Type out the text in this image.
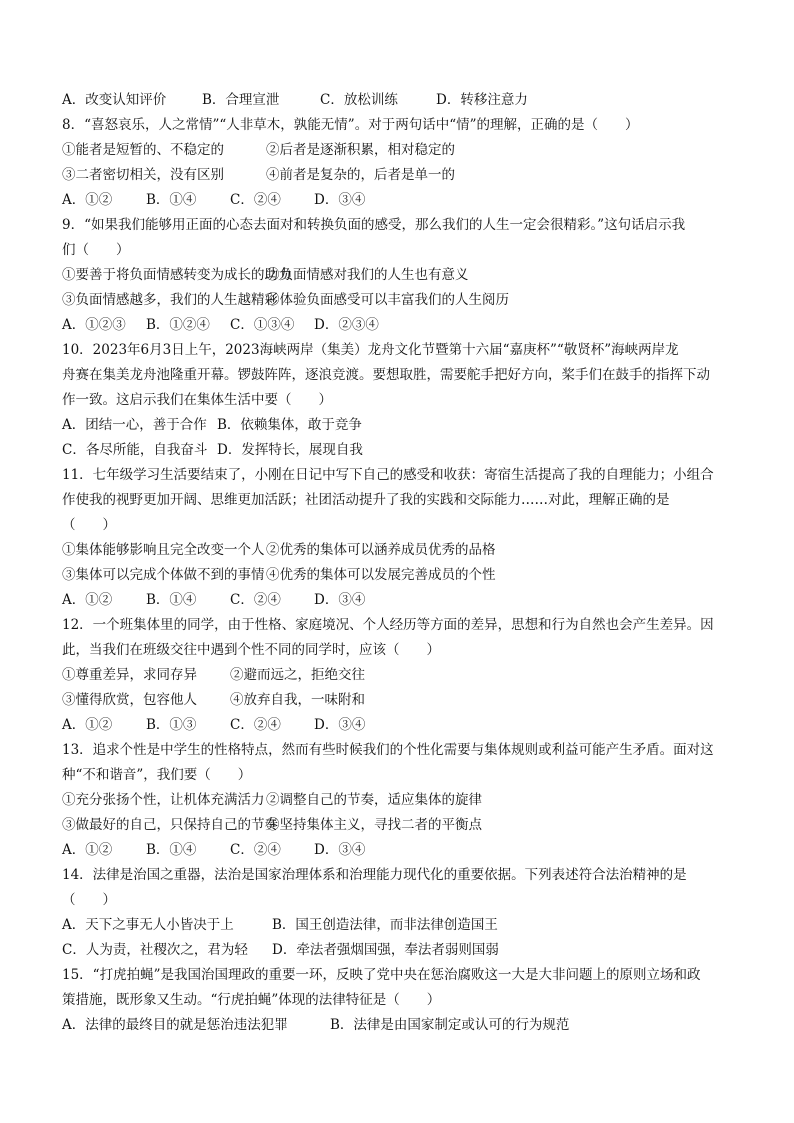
A．改变认知评价	B．合理宣泄	C．放松训练	D．转移注意力
8．“喜怒哀乐，人之常情”“人非草木，孰能无情”。对于两句话中“情”的理解，正确的是（　　）
①能者是短暂的、不稳定的	②后者是逐渐积累，相对稳定的
③二者密切相关，没有区别	④前者是复杂的，后者是单一的
A．①②	B．①④ C．②④ D．③④
9．“如果我们能够用正面的心态去面对和转换负面的感受，那么我们的人生一定会很精彩。”这句话启示我
们（　　）
①要善于将负面情感转变为成长的助力
②负面情感对我们的人生也有意义
③负面情感越多，我们的人生越精彩
④体验负面感受可以丰富我们的人生阅历
A．①②③ B．①②④ C．①③④ D．②③④
10．2023年6月3日上午，2023海峡两岸（集美）龙舟文化节暨第十六届“嘉庚杯”“敬贤杯”海峡两岸龙
舟赛在集美龙舟池隆重开幕。锣鼓阵阵，逐浪竞渡。要想取胜，需要舵手把好方向，桨手们在鼓手的指挥下动
作一致。这启示我们在集体生活中要（　　）
A．团结一心，善于合作 B．依赖集体，敢于竞争
C．各尽所能，自我奋斗 D．发挥特长，展现自我
11．七年级学习生活要结束了，小刚在日记中写下自己的感受和收获：寄宿生活提高了我的自理能力；小组合
作使我的视野更加开阔、思维更加活跃；社团活动提升了我的实践和交际能力……对此，理解正确的是
（　　）
①集体能够影响且完全改变一个人 ②优秀的集体可以涵养成员优秀的品格
③集体可以完成个体做不到的事情 ④优秀的集体可以发展完善成员的个性
A．①②	B．①④ C．②④ D．③④
12．一个班集体里的同学，由于性格、家庭境况、个人经历等方面的差异，思想和行为自然也会产生差异。因
此，当我们在班级交往中遇到个性不同的同学时，应该（　　）
①尊重差异，求同存异 ②避而远之，拒绝交往
③懂得欣赏，包容他人 ④放弃自我，一味附和
A．①②	B．①③ C．②④ D．③④
13．追求个性是中学生的性格特点，然而有些时候我们的个性化需要与集体规则或利益可能产生矛盾。面对这
种“不和谐音”，我们要（　　）
①充分张扬个性，让机体充满活力 ②调整自己的节奏，适应集体的旋律
③做最好的自己，只保持自己的节奏
④坚持集体主义，寻找二者的平衡点
A．①②	B．①④ C．②④ D．③④
14．法律是治国之重器，法治是国家治理体系和治理能力现代化的重要依据。下列表述符合法治精神的是
（　　）
A．天下之事无人小皆决于上	B．国王创造法律，而非法律创造国王
C．人为责，社稷次之，君为轻 D．牵法者强烟国强，奉法者弱则国弱
15．“打虎拍蝇”是我国治国理政的重要一环，反映了党中央在惩治腐败这一大是大非问题上的原则立场和政
策措施，既形象又生动。“行虎拍蝇”体现的法律特征是（　　）
A．法律的最终目的就是惩治违法犯罪	B．法律是由国家制定或认可的行为规范
